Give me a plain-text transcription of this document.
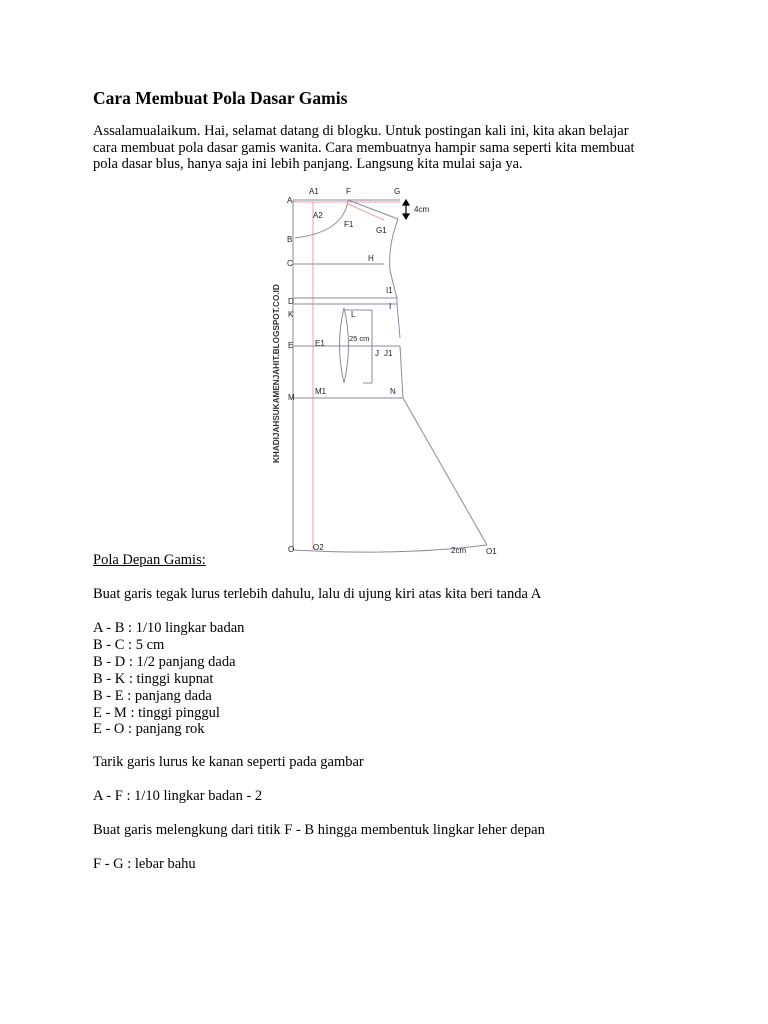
Cara Membuat Pola Dasar Gamis
Assalamualaikum. Hai, selamat datang di blogku. Untuk postingan kali ini, kita akan belajar
cara membuat pola dasar gamis wanita. Cara membuatnya hampir sama seperti kita membuat
pola dasar blus, hanya saja ini lebih panjang. Langsung kita mulai saja ya.
KHADIJAHSUKAMENJAHIT.BLOGSPOT.CO.ID
A1	F	G
A
4cm
A2
F1
G1
B
C
H
I1
D
I
K	L
25 cm
E	E1
J J1
M
M1	N
O O2	2cm O1
Pola Depan Gamis:
Buat garis tegak lurus terlebih dahulu, lalu di ujung kiri atas kita beri tanda A
A - B : 1/10 lingkar badan
B - C : 5 cm
B - D : 1/2 panjang dada
B - K : tinggi kupnat
B - E : panjang dada
E - M : tinggi pinggul
E - O : panjang rok
Tarik garis lurus ke kanan seperti pada gambar
A - F : 1/10 lingkar badan - 2
Buat garis melengkung dari titik F - B hingga membentuk lingkar leher depan
F - G : lebar bahu
